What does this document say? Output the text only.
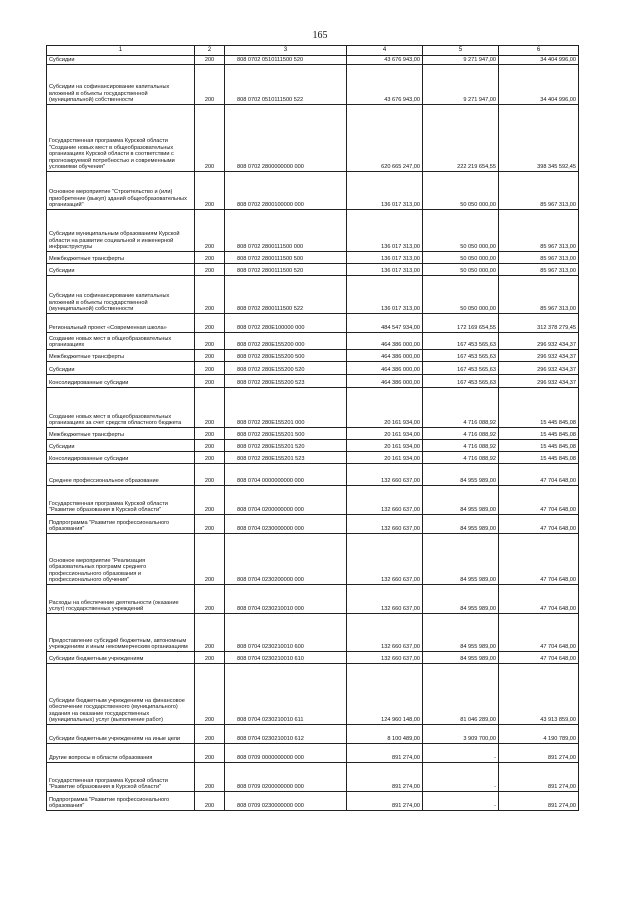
165
1	2	3	4	5	6
Субсидии	200	808 0702 0510111500 520	43 676 943,00	9 271 947,00	34 404 996,00
Субсидии на софинансирование капитальных вложений в объекты государственной (муниципальной) собственности	200	808 0702 0510111500 522	43 676 943,00	9 271 947,00	34 404 996,00
Государственная программа Курской области "Создание новых мест в общеобразовательных организациях Курской области в соответствии с прогнозируемой потребностью и современными условиями обучения"	200	808 0702 2800000000 000	620 665 247,00	222 219 654,55	398 345 592,45
Основное мероприятие "Строительство и (или) приобретение (выкуп) зданий общеобразовательных организаций"	200	808 0702 2800100000 000	136 017 313,00	50 050 000,00	85 967 313,00
Субсидии муниципальным образованиям Курской области на развитие социальной и инженерной инфраструктуры	200	808 0702 2800111500 000	136 017 313,00	50 050 000,00	85 967 313,00
Межбюджетные трансферты	200	808 0702 2800111500 500	136 017 313,00	50 050 000,00	85 967 313,00
Субсидии	200	808 0702 2800111500 520	136 017 313,00	50 050 000,00	85 967 313,00
Субсидии на софинансирование капитальных вложений в объекты государственной (муниципальной) собственности	200	808 0702 2800111500 522	136 017 313,00	50 050 000,00	85 967 313,00
Региональный проект «Современная школа»	200	808 0702 280E100000 000	484 547 934,00	172 169 654,55	312 378 279,45
Создание новых мест в общеобразовательных организациях	200	808 0702 280E155200 000	464 386 000,00	167 453 565,63	296 932 434,37
Межбюджетные трансферты	200	808 0702 280E155200 500	464 386 000,00	167 453 565,63	296 932 434,37
Субсидии	200	808 0702 280E155200 520	464 386 000,00	167 453 565,63	296 932 434,37
Консолидированные субсидии	200	808 0702 280E155200 523	464 386 000,00	167 453 565,63	296 932 434,37
Создание новых мест в общеобразовательных организациях за счет средств областного бюджета	200	808 0702 280E155201 000	20 161 934,00	4 716 088,92	15 445 845,08
Межбюджетные трансферты	200	808 0702 280E155201 500	20 161 934,00	4 716 088,92	15 445 845,08
Субсидии	200	808 0702 280E155201 520	20 161 934,00	4 716 088,92	15 445 845,08
Консолидированные субсидии	200	808 0702 280E155201 523	20 161 934,00	4 716 088,92	15 445 845,08
Среднее профессиональное образование	200	808 0704 0000000000 000	132 660 637,00	84 955 989,00	47 704 648,00
Государственная программа Курской области "Развитие образования в Курской области"	200	808 0704 0200000000 000	132 660 637,00	84 955 989,00	47 704 648,00
Подпрограмма "Развитие профессионального образования"	200	808 0704 0230000000 000	132 660 637,00	84 955 989,00	47 704 648,00
Основное мероприятие "Реализация образовательных программ среднего профессионального образования и профессионального обучения"	200	808 0704 0230200000 000	132 660 637,00	84 955 989,00	47 704 648,00
Расходы на обеспечение деятельности (оказание услуг) государственных учреждений	200	808 0704 0230210010 000	132 660 637,00	84 955 989,00	47 704 648,00
Предоставление субсидий бюджетным, автономным учреждениям и иным некоммерческим организациям	200	808 0704 0230210010 600	132 660 637,00	84 955 989,00	47 704 648,00
Субсидии бюджетным учреждениям	200	808 0704 0230210010 610	132 660 637,00	84 955 989,00	47 704 648,00
Субсидии бюджетным учреждениям на финансовое обеспечение государственного (муниципального) задания на оказание государственных (муниципальных) услуг (выполнение работ)	200	808 0704 0230210010 611	124 960 148,00	81 046 289,00	43 913 859,00
Субсидии бюджетным учреждениям на иные цели	200	808 0704 0230210010 612	8 100 489,00	3 909 700,00	4 190 789,00
Другие вопросы в области образования	200	808 0709 0000000000 000	891 274,00	-	891 274,00
Государственная программа Курской области "Развитие образования в Курской области"	200	808 0709 0200000000 000	891 274,00	-	891 274,00
Подпрограмма "Развитие профессионального образования"	200	808 0709 0230000000 000	891 274,00	-	891 274,00
